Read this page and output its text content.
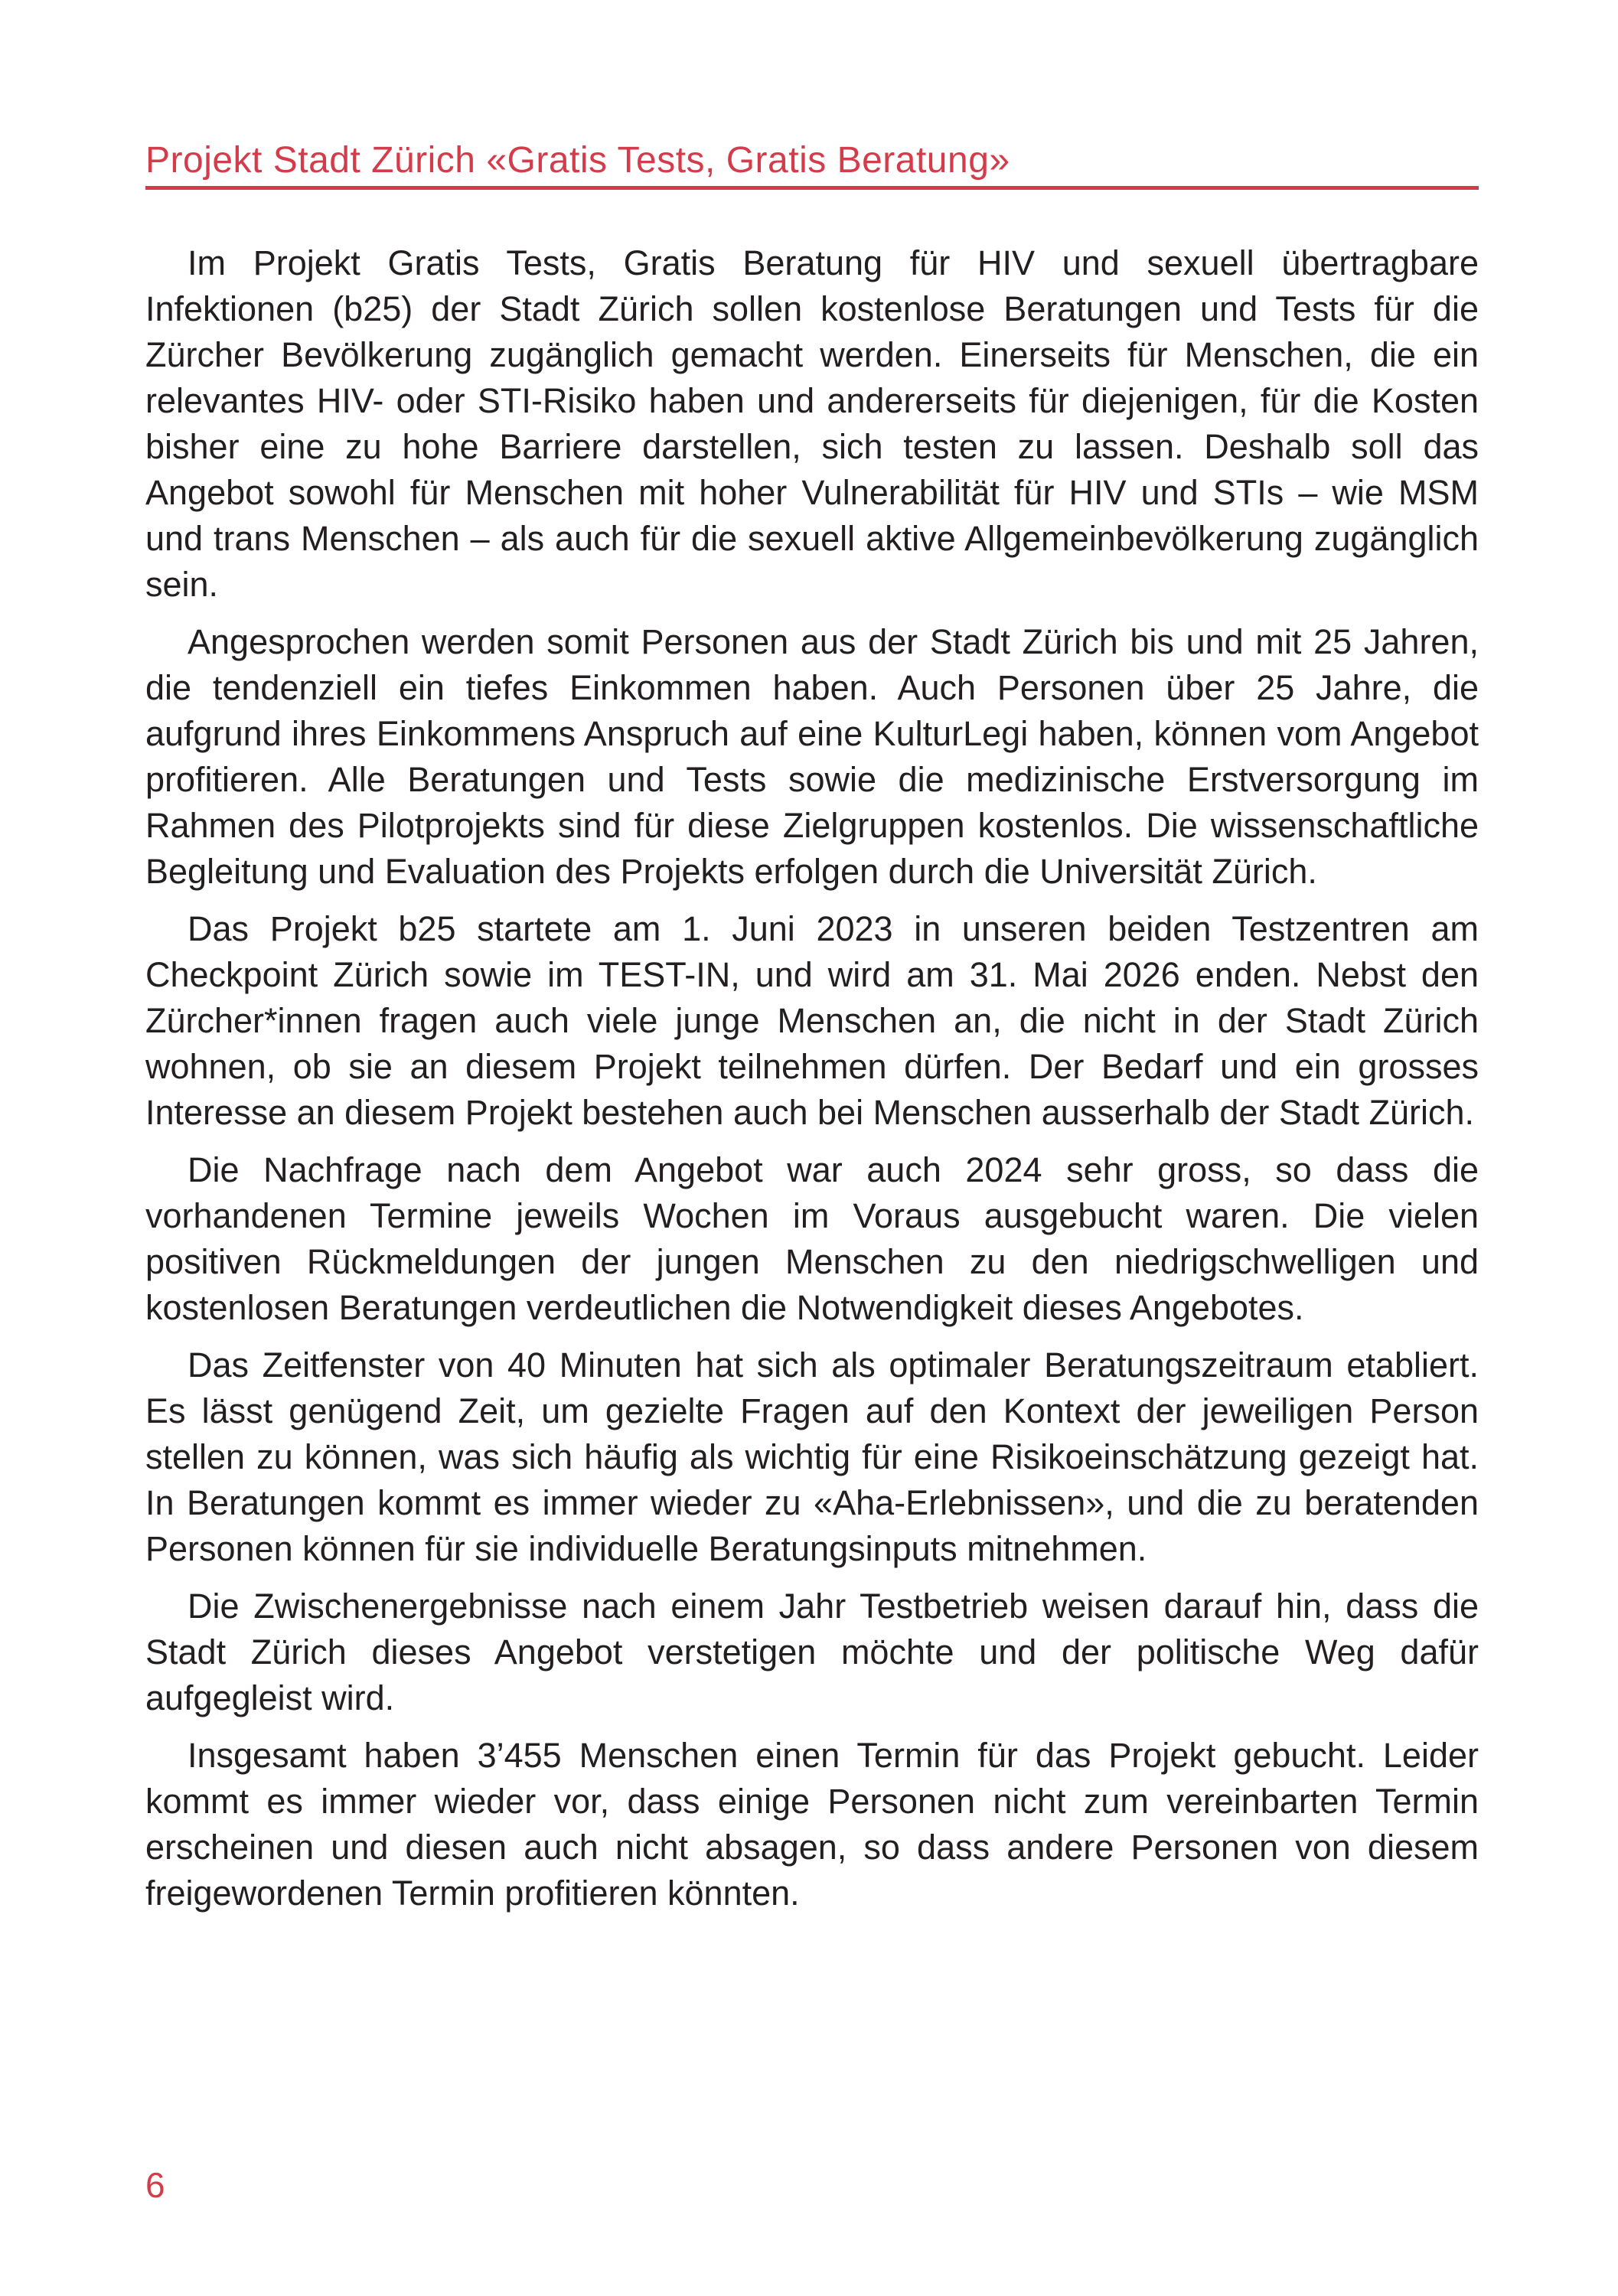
Projekt Stadt Zürich «Gratis Tests, Gratis Beratung»

Im Projekt Gratis Tests, Gratis Beratung für HIV und sexuell übertragbare Infektionen (b25) der Stadt Zürich sollen kostenlose Beratungen und Tests für die Zürcher Bevölkerung zugänglich gemacht werden. Einerseits für Menschen, die ein relevantes HIV- oder STI-Risiko haben und andererseits für diejenigen, für die Kosten bisher eine zu hohe Barriere darstellen, sich testen zu lassen. Deshalb soll das Angebot sowohl für Menschen mit hoher Vulnerabilität für HIV und STIs – wie MSM und trans Menschen – als auch für die sexuell aktive Allgemeinbevölkerung zugänglich sein.

Angesprochen werden somit Personen aus der Stadt Zürich bis und mit 25 Jahren, die tendenziell ein tiefes Einkommen haben. Auch Personen über 25 Jahre, die aufgrund ihres Einkommens Anspruch auf eine KulturLegi haben, können vom Angebot profitieren. Alle Beratungen und Tests sowie die medizinische Erstversorgung im Rahmen des Pilotprojekts sind für diese Zielgruppen kostenlos. Die wissenschaftliche Begleitung und Evaluation des Projekts erfolgen durch die Universität Zürich.

Das Projekt b25 startete am 1. Juni 2023 in unseren beiden Testzentren am Checkpoint Zürich sowie im TEST-IN, und wird am 31. Mai 2026 enden. Nebst den Zürcher*innen fragen auch viele junge Menschen an, die nicht in der Stadt Zürich wohnen, ob sie an diesem Projekt teilnehmen dürfen. Der Bedarf und ein grosses Interesse an diesem Projekt bestehen auch bei Menschen ausserhalb der Stadt Zürich.

Die Nachfrage nach dem Angebot war auch 2024 sehr gross, so dass die vorhandenen Termine jeweils Wochen im Voraus ausgebucht waren. Die vielen positiven Rückmeldungen der jungen Menschen zu den niedrigschwelligen und kostenlosen Beratungen verdeutlichen die Notwendigkeit dieses Angebotes.

Das Zeitfenster von 40 Minuten hat sich als optimaler Beratungszeitraum etabliert. Es lässt genügend Zeit, um gezielte Fragen auf den Kontext der jeweiligen Person stellen zu können, was sich häufig als wichtig für eine Risikoeinschätzung gezeigt hat. In Beratungen kommt es immer wieder zu «Aha-Erlebnissen», und die zu beratenden Personen können für sie individuelle Beratungsinputs mitnehmen.

Die Zwischenergebnisse nach einem Jahr Testbetrieb weisen darauf hin, dass die Stadt Zürich dieses Angebot verstetigen möchte und der politische Weg dafür aufgegleist wird.

Insgesamt haben 3’455 Menschen einen Termin für das Projekt gebucht. Leider kommt es immer wieder vor, dass einige Personen nicht zum vereinbarten Termin erscheinen und diesen auch nicht absagen, so dass andere Personen von diesem freigewordenen Termin profitieren könnten.

6
